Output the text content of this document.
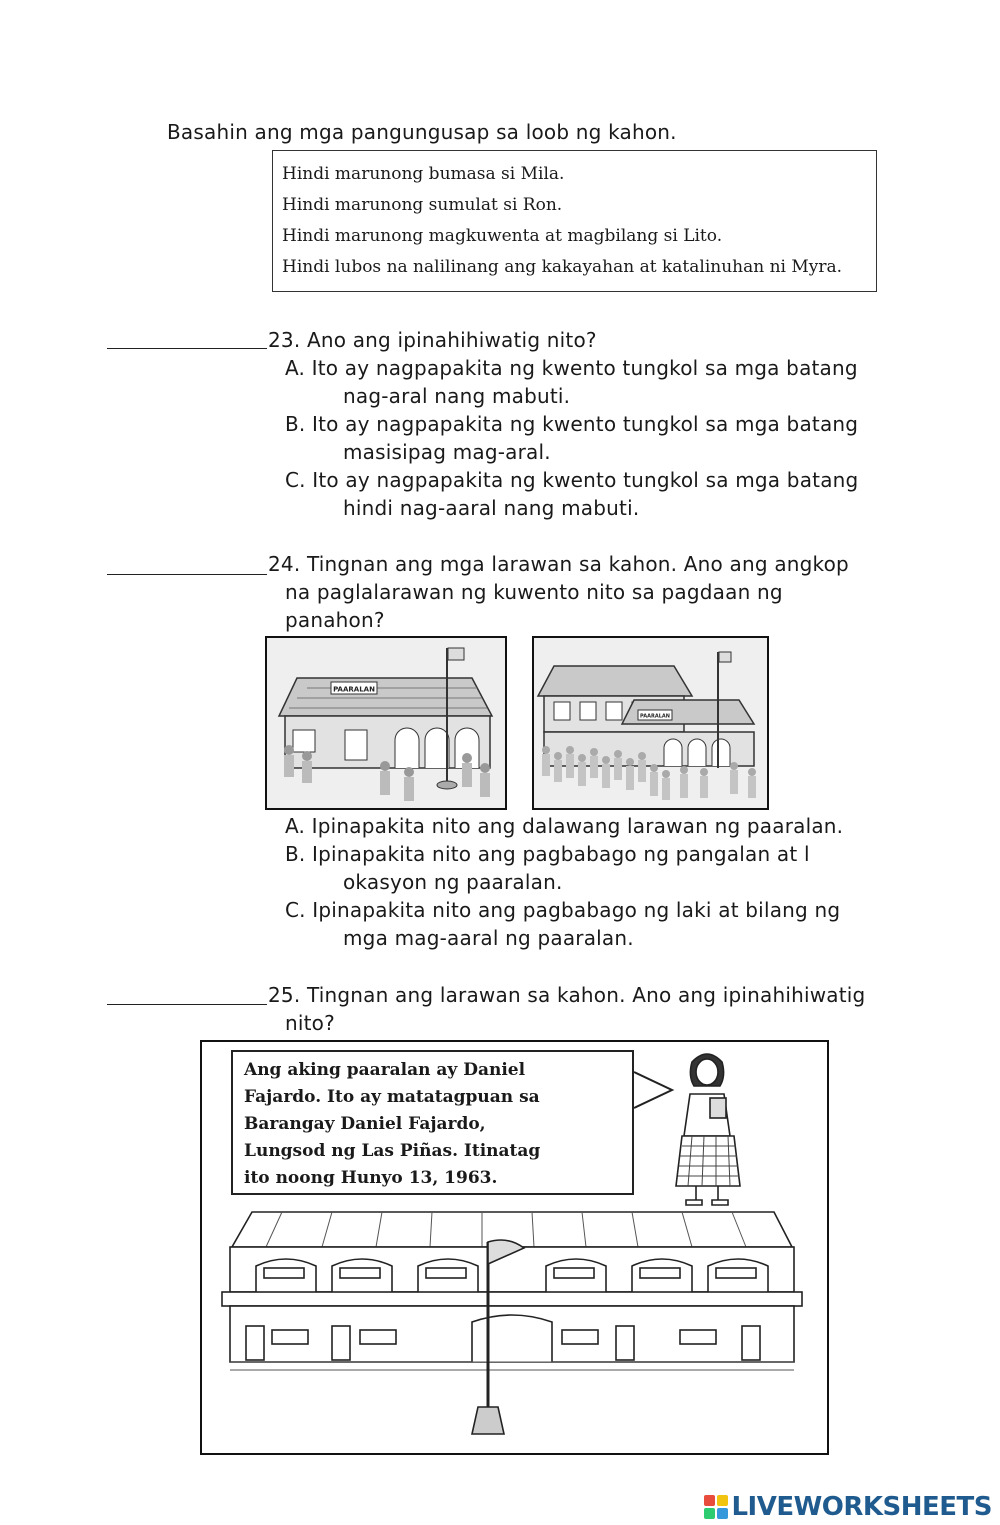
Basahin ang mga pangungusap sa loob ng kahon.
Hindi marunong bumasa si Mila.
Hindi marunong sumulat si Ron.
Hindi marunong magkuwenta at magbilang si Lito.
Hindi lubos na nalilinang ang kakayahan at katalinuhan ni Myra.
23. Ano ang ipinahihiwatig nito?
A. Ito ay nagpapakita ng kwento tungkol sa mga batang
nag-aral nang mabuti.
B. Ito ay nagpapakita ng kwento tungkol sa mga batang
masisipag mag-aral.
C. Ito ay nagpapakita ng kwento tungkol sa mga batang
hindi nag-aaral nang mabuti.
24. Tingnan ang mga larawan sa kahon. Ano ang angkop
na paglalarawan ng kuwento nito sa pagdaan ng
panahon?
PAARALAN
PAARALAN
A. Ipinapakita nito ang dalawang larawan ng paaralan.
B. Ipinapakita nito ang pagbabago ng pangalan at l
okasyon ng paaralan.
C. Ipinapakita nito ang pagbabago ng laki at bilang ng
mga mag-aaral ng paaralan.
25. Tingnan ang larawan sa kahon. Ano ang ipinahihiwatig
nito?
Ang aking paaralan ay Daniel
Fajardo. Ito ay matatagpuan sa
Barangay Daniel Fajardo,
Lungsod ng Las Piñas. Itinatag
ito noong Hunyo 13, 1963.
LIVEWORKSHEETS
